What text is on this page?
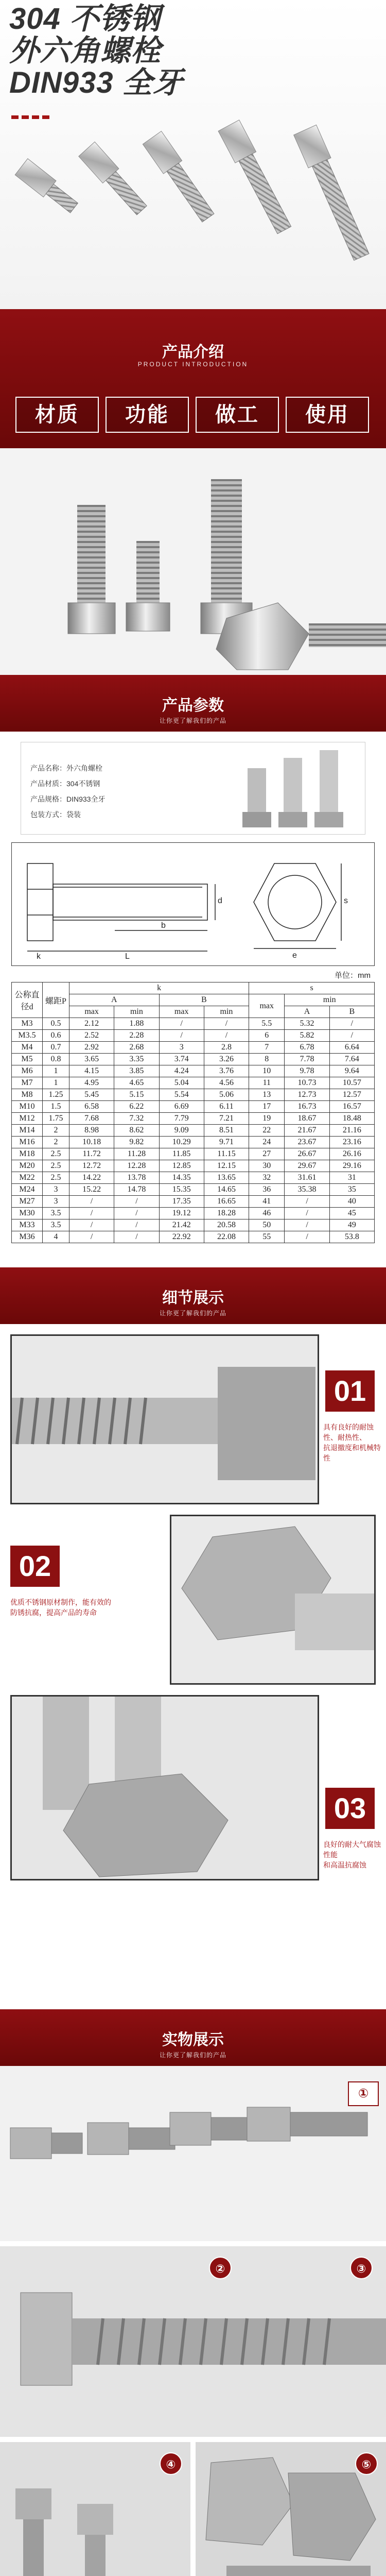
304 不锈钢
外六角螺栓
DIN933 全牙
产品介绍
PRODUCT INTRODUCTION
材质	功能	做工	使用
产品参数
让你更了解我们的产品
产品名称：外六角螺栓
产品材质：304不锈钢
产品规格：DIN933全牙
包装方式：袋装
k	L
b
d	s
e
单位：mm
公称直径d	螺距P	k				s		
		A		B		max	min	
		max	min	max	min		A	B
M3	0.5	2.12	1.88	/	/	5.5	5.32	/
M3.5	0.6	2.52	2.28	/	/	6	5.82	/
M4	0.7	2.92	2.68	3	2.8	7	6.78	6.64
M5	0.8	3.65	3.35	3.74	3.26	8	7.78	7.64
M6	1	4.15	3.85	4.24	3.76	10	9.78	9.64
M7	1	4.95	4.65	5.04	4.56	11	10.73	10.57
M8	1.25	5.45	5.15	5.54	5.06	13	12.73	12.57
M10	1.5	6.58	6.22	6.69	6.11	17	16.73	16.57
M12	1.75	7.68	7.32	7.79	7.21	19	18.67	18.48
M14	2	8.98	8.62	9.09	8.51	22	21.67	21.16
M16	2	10.18	9.82	10.29	9.71	24	23.67	23.16
M18	2.5	11.72	11.28	11.85	11.15	27	26.67	26.16
M20	2.5	12.72	12.28	12.85	12.15	30	29.67	29.16
M22	2.5	14.22	13.78	14.35	13.65	32	31.61	31
M24	3	15.22	14.78	15.35	14.65	36	35.38	35
M27	3	/	/	17.35	16.65	41	/	40
M30	3.5	/	/	19.12	18.28	46	/	45
M33	3.5	/	/	21.42	20.58	50	/	49
M36	4	/	/	22.92	22.08	55	/	53.8
细节展示
让你更了解我们的产品
01
具有良好的耐蚀性、耐热性、
抗退撤度和机械特性
02
优质不锈钢原材制作，能有效的
防锈抗腐，提高产品的寿命
03
良好的耐大气腐蚀性能
和高温抗腐蚀
实物展示
让你更了解我们的产品
①
②	③
④	⑤
